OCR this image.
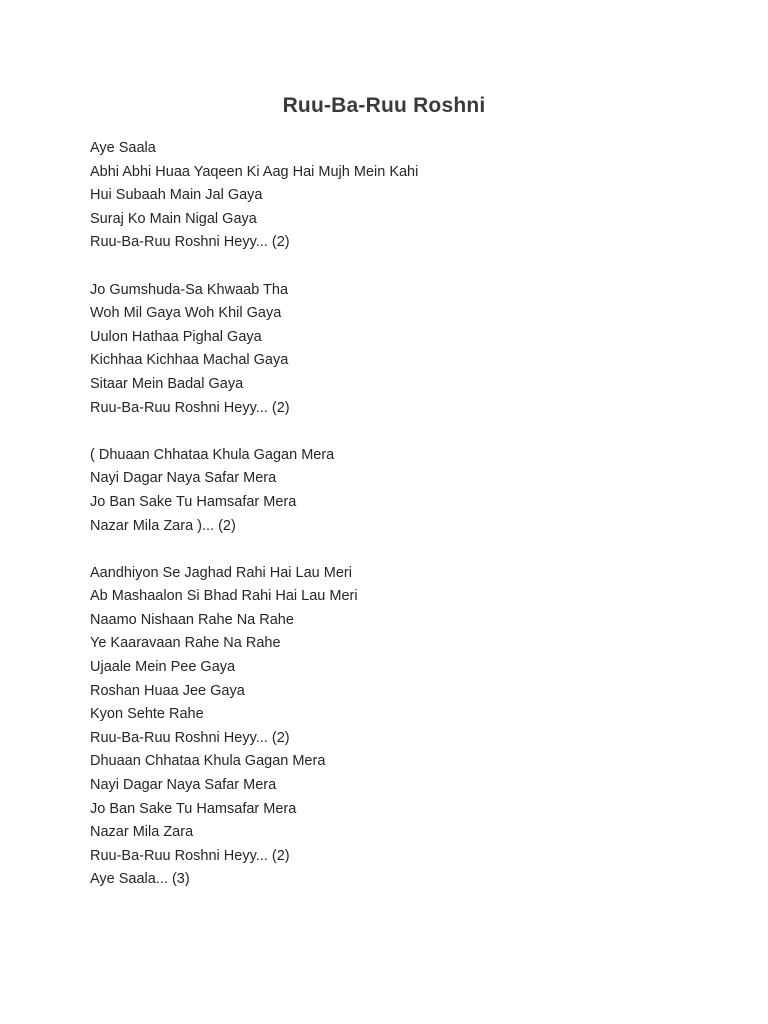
Ruu-Ba-Ruu Roshni
Aye Saala
Abhi Abhi Huaa Yaqeen Ki Aag Hai Mujh Mein Kahi
Hui Subaah Main Jal Gaya
Suraj Ko Main Nigal Gaya
Ruu-Ba-Ruu Roshni Heyy... (2)
Jo Gumshuda-Sa Khwaab Tha
Woh Mil Gaya Woh Khil Gaya
Uulon Hathaa Pighal Gaya
Kichhaa Kichhaa Machal Gaya
Sitaar Mein Badal Gaya
Ruu-Ba-Ruu Roshni Heyy... (2)
( Dhuaan Chhataa Khula Gagan Mera
Nayi Dagar Naya Safar Mera
Jo Ban Sake Tu Hamsafar Mera
Nazar Mila Zara )... (2)
Aandhiyon Se Jaghad Rahi Hai Lau Meri
Ab Mashaalon Si Bhad Rahi Hai Lau Meri
Naamo Nishaan Rahe Na Rahe
Ye Kaaravaan Rahe Na Rahe
Ujaale Mein Pee Gaya
Roshan Huaa Jee Gaya
Kyon Sehte Rahe
Ruu-Ba-Ruu Roshni Heyy... (2)
Dhuaan Chhataa Khula Gagan Mera
Nayi Dagar Naya Safar Mera
Jo Ban Sake Tu Hamsafar Mera
Nazar Mila Zara
Ruu-Ba-Ruu Roshni Heyy... (2)
Aye Saala... (3)
